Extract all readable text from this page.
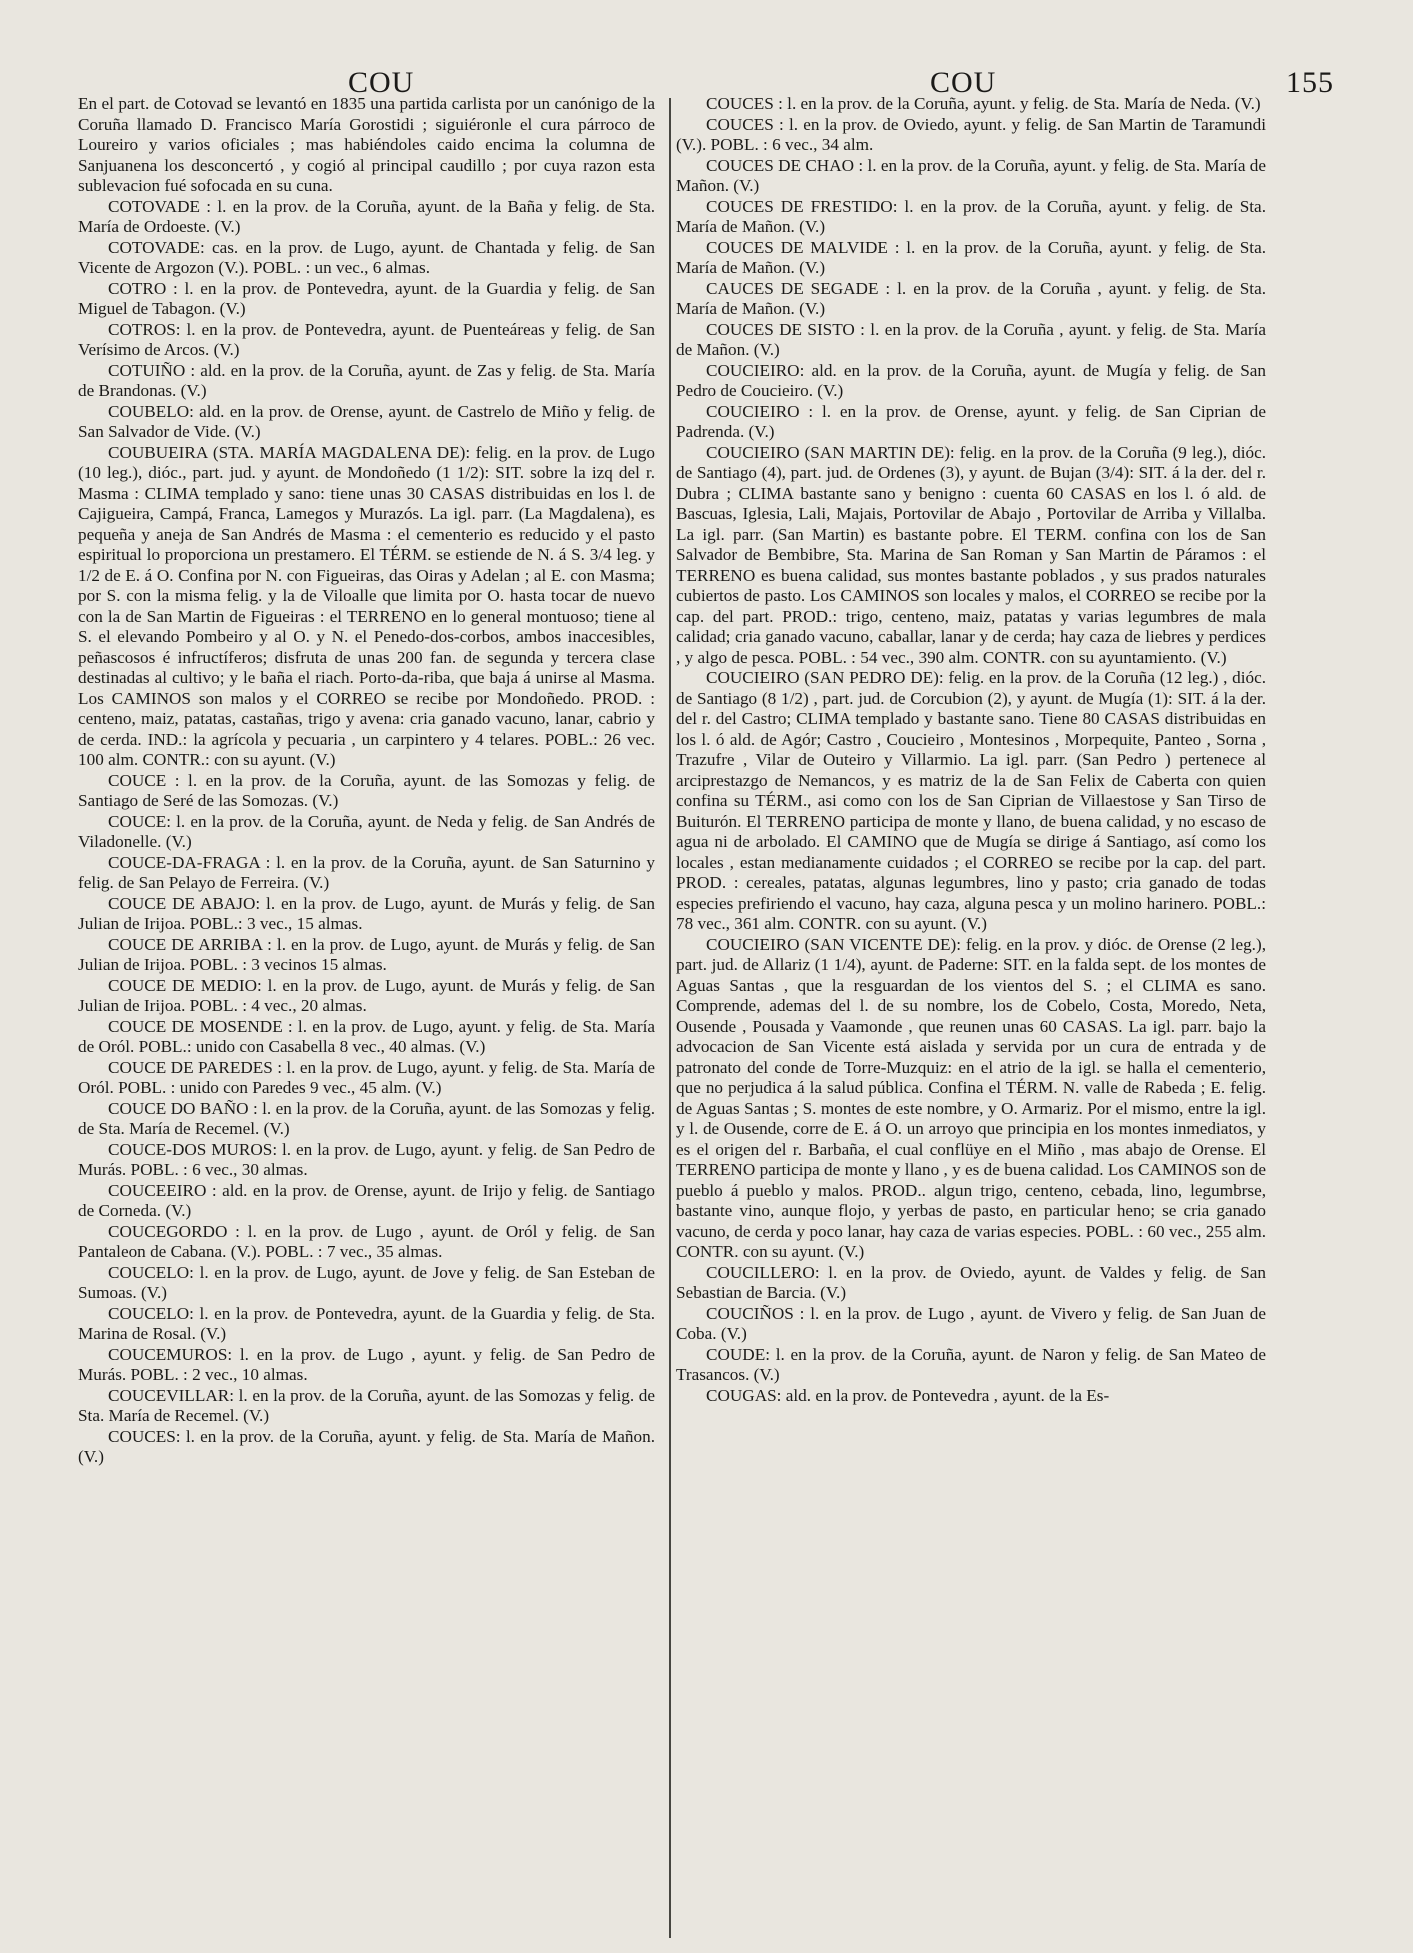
COU	COU	155

En el part. de Cotovad se levantó en 1835 una partida carlista por un canónigo de la Coruña llamado D. Francisco María Gorostidi ; siguiéronle el cura párroco de Loureiro y varios oficiales ; mas habiéndoles caido encima la columna de Sanjuanena los desconcertó , y cogió al principal caudillo ; por cuya razon esta sublevacion fué sofocada en su cuna.

COTOVADE : l. en la prov. de la Coruña, ayunt. de la Baña y felig. de Sta. María de Ordoeste. (V.)

COTOVADE: cas. en la prov. de Lugo, ayunt. de Chantada y felig. de San Vicente de Argozon (V.). POBL. : un vec., 6 almas.

COTRO : l. en la prov. de Pontevedra, ayunt. de la Guardia y felig. de San Miguel de Tabagon. (V.)

COTROS: l. en la prov. de Pontevedra, ayunt. de Puenteáreas y felig. de San Verísimo de Arcos. (V.)

COTUIÑO : ald. en la prov. de la Coruña, ayunt. de Zas y felig. de Sta. María de Brandonas. (V.)

COUBELO: ald. en la prov. de Orense, ayunt. de Castrelo de Miño y felig. de San Salvador de Vide. (V.)

COUBUEIRA (STA. MARÍA MAGDALENA DE): felig. en la prov. de Lugo (10 leg.), dióc., part. jud. y ayunt. de Mondoñedo (1 1/2): SIT. sobre la izq del r. Masma : CLIMA templado y sano: tiene unas 30 CASAS distribuidas en los l. de Cajigueira, Campá, Franca, Lamegos y Murazós. La igl. parr. (La Magdalena), es pequeña y aneja de San Andrés de Masma : el cementerio es reducido y el pasto espiritual lo proporciona un prestamero. El TÉRM. se estiende de N. á S. 3/4 leg. y 1/2 de E. á O. Confina por N. con Figueiras, das Oiras y Adelan ; al E. con Masma; por S. con la misma felig. y la de Viloalle que limita por O. hasta tocar de nuevo con la de San Martin de Figueiras : el TERRENO en lo general montuoso; tiene al S. el elevando Pombeiro y al O. y N. el Penedo-dos-corbos, ambos inaccesibles, peñascosos é infructíferos; disfruta de unas 200 fan. de segunda y tercera clase destinadas al cultivo; y le baña el riach. Porto-da-riba, que baja á unirse al Masma. Los CAMINOS son malos y el CORREO se recibe por Mondoñedo. PROD. : centeno, maiz, patatas, castañas, trigo y avena: cria ganado vacuno, lanar, cabrio y de cerda. IND.: la agrícola y pecuaria , un carpintero y 4 telares. POBL.: 26 vec. 100 alm. CONTR.: con su ayunt. (V.)

COUCE : l. en la prov. de la Coruña, ayunt. de las Somozas y felig. de Santiago de Seré de las Somozas. (V.)

COUCE: l. en la prov. de la Coruña, ayunt. de Neda y felig. de San Andrés de Viladonelle. (V.)

COUCE-DA-FRAGA : l. en la prov. de la Coruña, ayunt. de San Saturnino y felig. de San Pelayo de Ferreira. (V.)

COUCE DE ABAJO: l. en la prov. de Lugo, ayunt. de Murás y felig. de San Julian de Irijoa. POBL.: 3 vec., 15 almas.

COUCE DE ARRIBA : l. en la prov. de Lugo, ayunt. de Murás y felig. de San Julian de Irijoa. POBL. : 3 vecinos 15 almas.

COUCE DE MEDIO: l. en la prov. de Lugo, ayunt. de Murás y felig. de San Julian de Irijoa. POBL. : 4 vec., 20 almas.

COUCE DE MOSENDE : l. en la prov. de Lugo, ayunt. y felig. de Sta. María de Oról. POBL.: unido con Casabella 8 vec., 40 almas. (V.)

COUCE DE PAREDES : l. en la prov. de Lugo, ayunt. y felig. de Sta. María de Oról. POBL. : unido con Paredes 9 vec., 45 alm. (V.)

COUCE DO BAÑO : l. en la prov. de la Coruña, ayunt. de las Somozas y felig. de Sta. María de Recemel. (V.)

COUCE-DOS MUROS: l. en la prov. de Lugo, ayunt. y felig. de San Pedro de Murás. POBL. : 6 vec., 30 almas.

COUCEEIRO : ald. en la prov. de Orense, ayunt. de Irijo y felig. de Santiago de Corneda. (V.)

COUCEGORDO : l. en la prov. de Lugo , ayunt. de Oról y felig. de San Pantaleon de Cabana. (V.). POBL. : 7 vec., 35 almas.

COUCELO: l. en la prov. de Lugo, ayunt. de Jove y felig. de San Esteban de Sumoas. (V.)

COUCELO: l. en la prov. de Pontevedra, ayunt. de la Guardia y felig. de Sta. Marina de Rosal. (V.)

COUCEMUROS: l. en la prov. de Lugo , ayunt. y felig. de San Pedro de Murás. POBL. : 2 vec., 10 almas.

COUCEVILLAR: l. en la prov. de la Coruña, ayunt. de las Somozas y felig. de Sta. María de Recemel. (V.)

COUCES: l. en la prov. de la Coruña, ayunt. y felig. de Sta. María de Mañon. (V.)

COUCES : l. en la prov. de la Coruña, ayunt. y felig. de Sta. María de Neda. (V.)

COUCES : l. en la prov. de Oviedo, ayunt. y felig. de San Martin de Taramundi (V.). POBL. : 6 vec., 34 alm.

COUCES DE CHAO : l. en la prov. de la Coruña, ayunt. y felig. de Sta. María de Mañon. (V.)

COUCES DE FRESTIDO: l. en la prov. de la Coruña, ayunt. y felig. de Sta. María de Mañon. (V.)

COUCES DE MALVIDE : l. en la prov. de la Coruña, ayunt. y felig. de Sta. María de Mañon. (V.)

CAUCES DE SEGADE : l. en la prov. de la Coruña , ayunt. y felig. de Sta. María de Mañon. (V.)

COUCES DE SISTO : l. en la prov. de la Coruña , ayunt. y felig. de Sta. María de Mañon. (V.)

COUCIEIRO: ald. en la prov. de la Coruña, ayunt. de Mugía y felig. de San Pedro de Coucieiro. (V.)

COUCIEIRO : l. en la prov. de Orense, ayunt. y felig. de San Ciprian de Padrenda. (V.)

COUCIEIRO (SAN MARTIN DE): felig. en la prov. de la Coruña (9 leg.), dióc. de Santiago (4), part. jud. de Ordenes (3), y ayunt. de Bujan (3/4): SIT. á la der. del r. Dubra ; CLIMA bastante sano y benigno : cuenta 60 CASAS en los l. ó ald. de Bascuas, Iglesia, Lali, Majais, Portovilar de Abajo , Portovilar de Arriba y Villalba. La igl. parr. (San Martin) es bastante pobre. El TERM. confina con los de San Salvador de Bembibre, Sta. Marina de San Roman y San Martin de Páramos : el TERRENO es buena calidad, sus montes bastante poblados , y sus prados naturales cubiertos de pasto. Los CAMINOS son locales y malos, el CORREO se recibe por la cap. del part. PROD.: trigo, centeno, maiz, patatas y varias legumbres de mala calidad; cria ganado vacuno, caballar, lanar y de cerda; hay caza de liebres y perdices , y algo de pesca. POBL. : 54 vec., 390 alm. CONTR. con su ayuntamiento. (V.)

COUCIEIRO (SAN PEDRO DE): felig. en la prov. de la Coruña (12 leg.) , dióc. de Santiago (8 1/2) , part. jud. de Corcubion (2), y ayunt. de Mugía (1): SIT. á la der. del r. del Castro; CLIMA templado y bastante sano. Tiene 80 CASAS distribuidas en los l. ó ald. de Agór; Castro , Coucieiro , Montesinos , Morpequite, Panteo , Sorna , Trazufre , Vilar de Outeiro y Villarmio. La igl. parr. (San Pedro ) pertenece al arciprestazgo de Nemancos, y es matriz de la de San Felix de Caberta con quien confina su TÉRM., asi como con los de San Ciprian de Villaestose y San Tirso de Buiturón. El TERRENO participa de monte y llano, de buena calidad, y no escaso de agua ni de arbolado. El CAMINO que de Mugía se dirige á Santiago, así como los locales , estan medianamente cuidados ; el CORREO se recibe por la cap. del part. PROD. : cereales, patatas, algunas legumbres, lino y pasto; cria ganado de todas especies prefiriendo el vacuno, hay caza, alguna pesca y un molino harinero. POBL.: 78 vec., 361 alm. CONTR. con su ayunt. (V.)

COUCIEIRO (SAN VICENTE DE): felig. en la prov. y dióc. de Orense (2 leg.), part. jud. de Allariz (1 1/4), ayunt. de Paderne: SIT. en la falda sept. de los montes de Aguas Santas , que la resguardan de los vientos del S. ; el CLIMA es sano. Comprende, ademas del l. de su nombre, los de Cobelo, Costa, Moredo, Neta, Ousende , Pousada y Vaamonde , que reunen unas 60 CASAS. La igl. parr. bajo la advocacion de San Vicente está aislada y servida por un cura de entrada y de patronato del conde de Torre-Muzquiz: en el atrio de la igl. se halla el cementerio, que no perjudica á la salud pública. Confina el TÉRM. N. valle de Rabeda ; E. felig. de Aguas Santas ; S. montes de este nombre, y O. Armariz. Por el mismo, entre la igl. y l. de Ousende, corre de E. á O. un arroyo que principia en los montes inmediatos, y es el origen del r. Barbaña, el cual conflüye en el Miño , mas abajo de Orense. El TERRENO participa de monte y llano , y es de buena calidad. Los CAMINOS son de pueblo á pueblo y malos. PROD.. algun trigo, centeno, cebada, lino, legumbrse, bastante vino, aunque flojo, y yerbas de pasto, en particular heno; se cria ganado vacuno, de cerda y poco lanar, hay caza de varias especies. POBL. : 60 vec., 255 alm. CONTR. con su ayunt. (V.)

COUCILLERO: l. en la prov. de Oviedo, ayunt. de Valdes y felig. de San Sebastian de Barcia. (V.)

COUCIÑOS : l. en la prov. de Lugo , ayunt. de Vivero y felig. de San Juan de Coba. (V.)

COUDE: l. en la prov. de la Coruña, ayunt. de Naron y felig. de San Mateo de Trasancos. (V.)

COUGAS: ald. en la prov. de Pontevedra , ayunt. de la Es-
